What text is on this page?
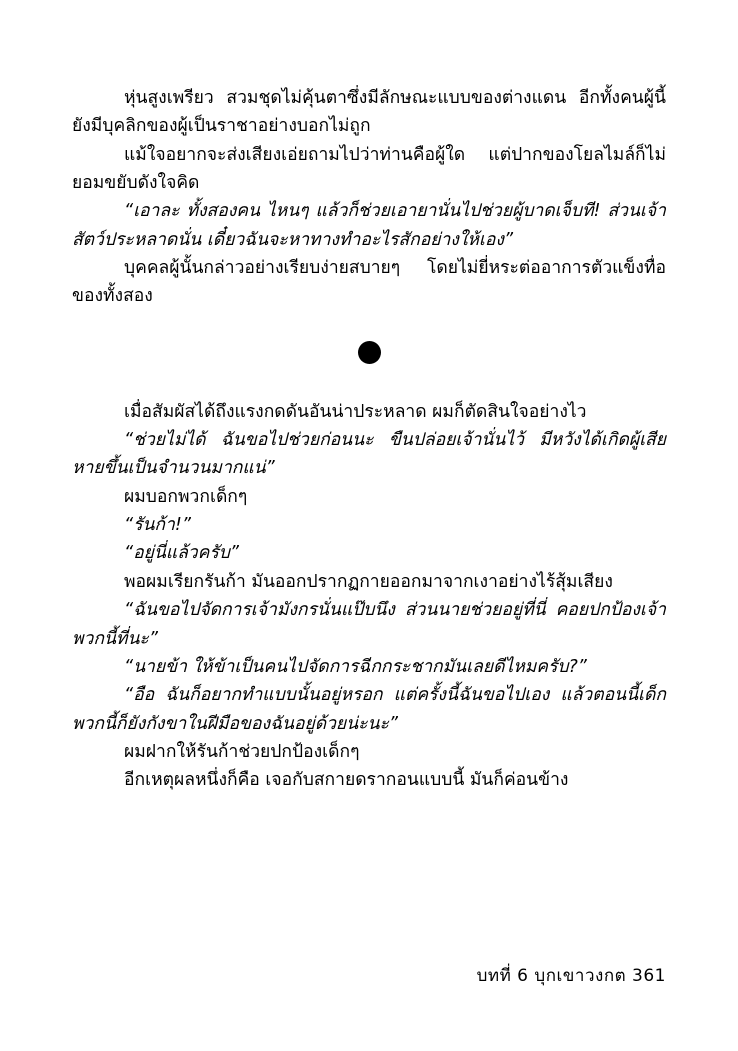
หุ่นสูงเพรียว สวมชุดไม่คุ้นตาซึ่งมีลักษณะแบบของต่างแดน อีกทั้งคนผู้นี้ ยังมีบุคลิกของผู้เป็นราชาอย่างบอกไม่ถูก

แม้ใจอยากจะส่งเสียงเอ่ยถามไปว่าท่านคือผู้ใด แต่ปากของโยลไมล์ก็ไม่ยอมขยับดังใจคิด

“เอาละ ทั้งสองคน ไหนๆ แล้วก็ช่วยเอายานั่นไปช่วยผู้บาดเจ็บที! ส่วนเจ้าสัตว์ประหลาดนั่น เดี๋ยวฉันจะหาทางทำอะไรสักอย่างให้เอง”

บุคคลผู้นั้นกล่าวอย่างเรียบง่ายสบายๆ โดยไม่ยี่หระต่ออาการตัวแข็งทื่อของทั้งสอง

เมื่อสัมผัสได้ถึงแรงกดดันอันน่าประหลาด ผมก็ตัดสินใจอย่างไว

“ช่วยไม่ได้ ฉันขอไปช่วยก่อนนะ ขืนปล่อยเจ้านั่นไว้ มีหวังได้เกิดผู้เสียหายขึ้นเป็นจำนวนมากแน่”

ผมบอกพวกเด็กๆ

“รันก้า!”

“อยู่นี่แล้วครับ”

พอผมเรียกรันก้า มันออกปรากฏกายออกมาจากเงาอย่างไร้สุ้มเสียง

“ฉันขอไปจัดการเจ้ามังกรนั่นแป๊บนึง ส่วนนายช่วยอยู่ที่นี่ คอยปกป้องเจ้าพวกนี้ที่นะ”

“นายข้า ให้ข้าเป็นคนไปจัดการฉีกกระชากมันเลยดีไหมครับ?”

“อือ ฉันก็อยากทำแบบนั้นอยู่หรอก แต่ครั้งนี้ฉันขอไปเอง แล้วตอนนี้เด็กพวกนี้ก็ยังกังขาในฝีมือของฉันอยู่ด้วยน่ะนะ”

ผมฝากให้รันก้าช่วยปกป้องเด็กๆ

อีกเหตุผลหนึ่งก็คือ เจอกับสกายดรากอนแบบนี้ มันก็ค่อนข้าง

บทที่ 6 บุกเขาวงกต 361
